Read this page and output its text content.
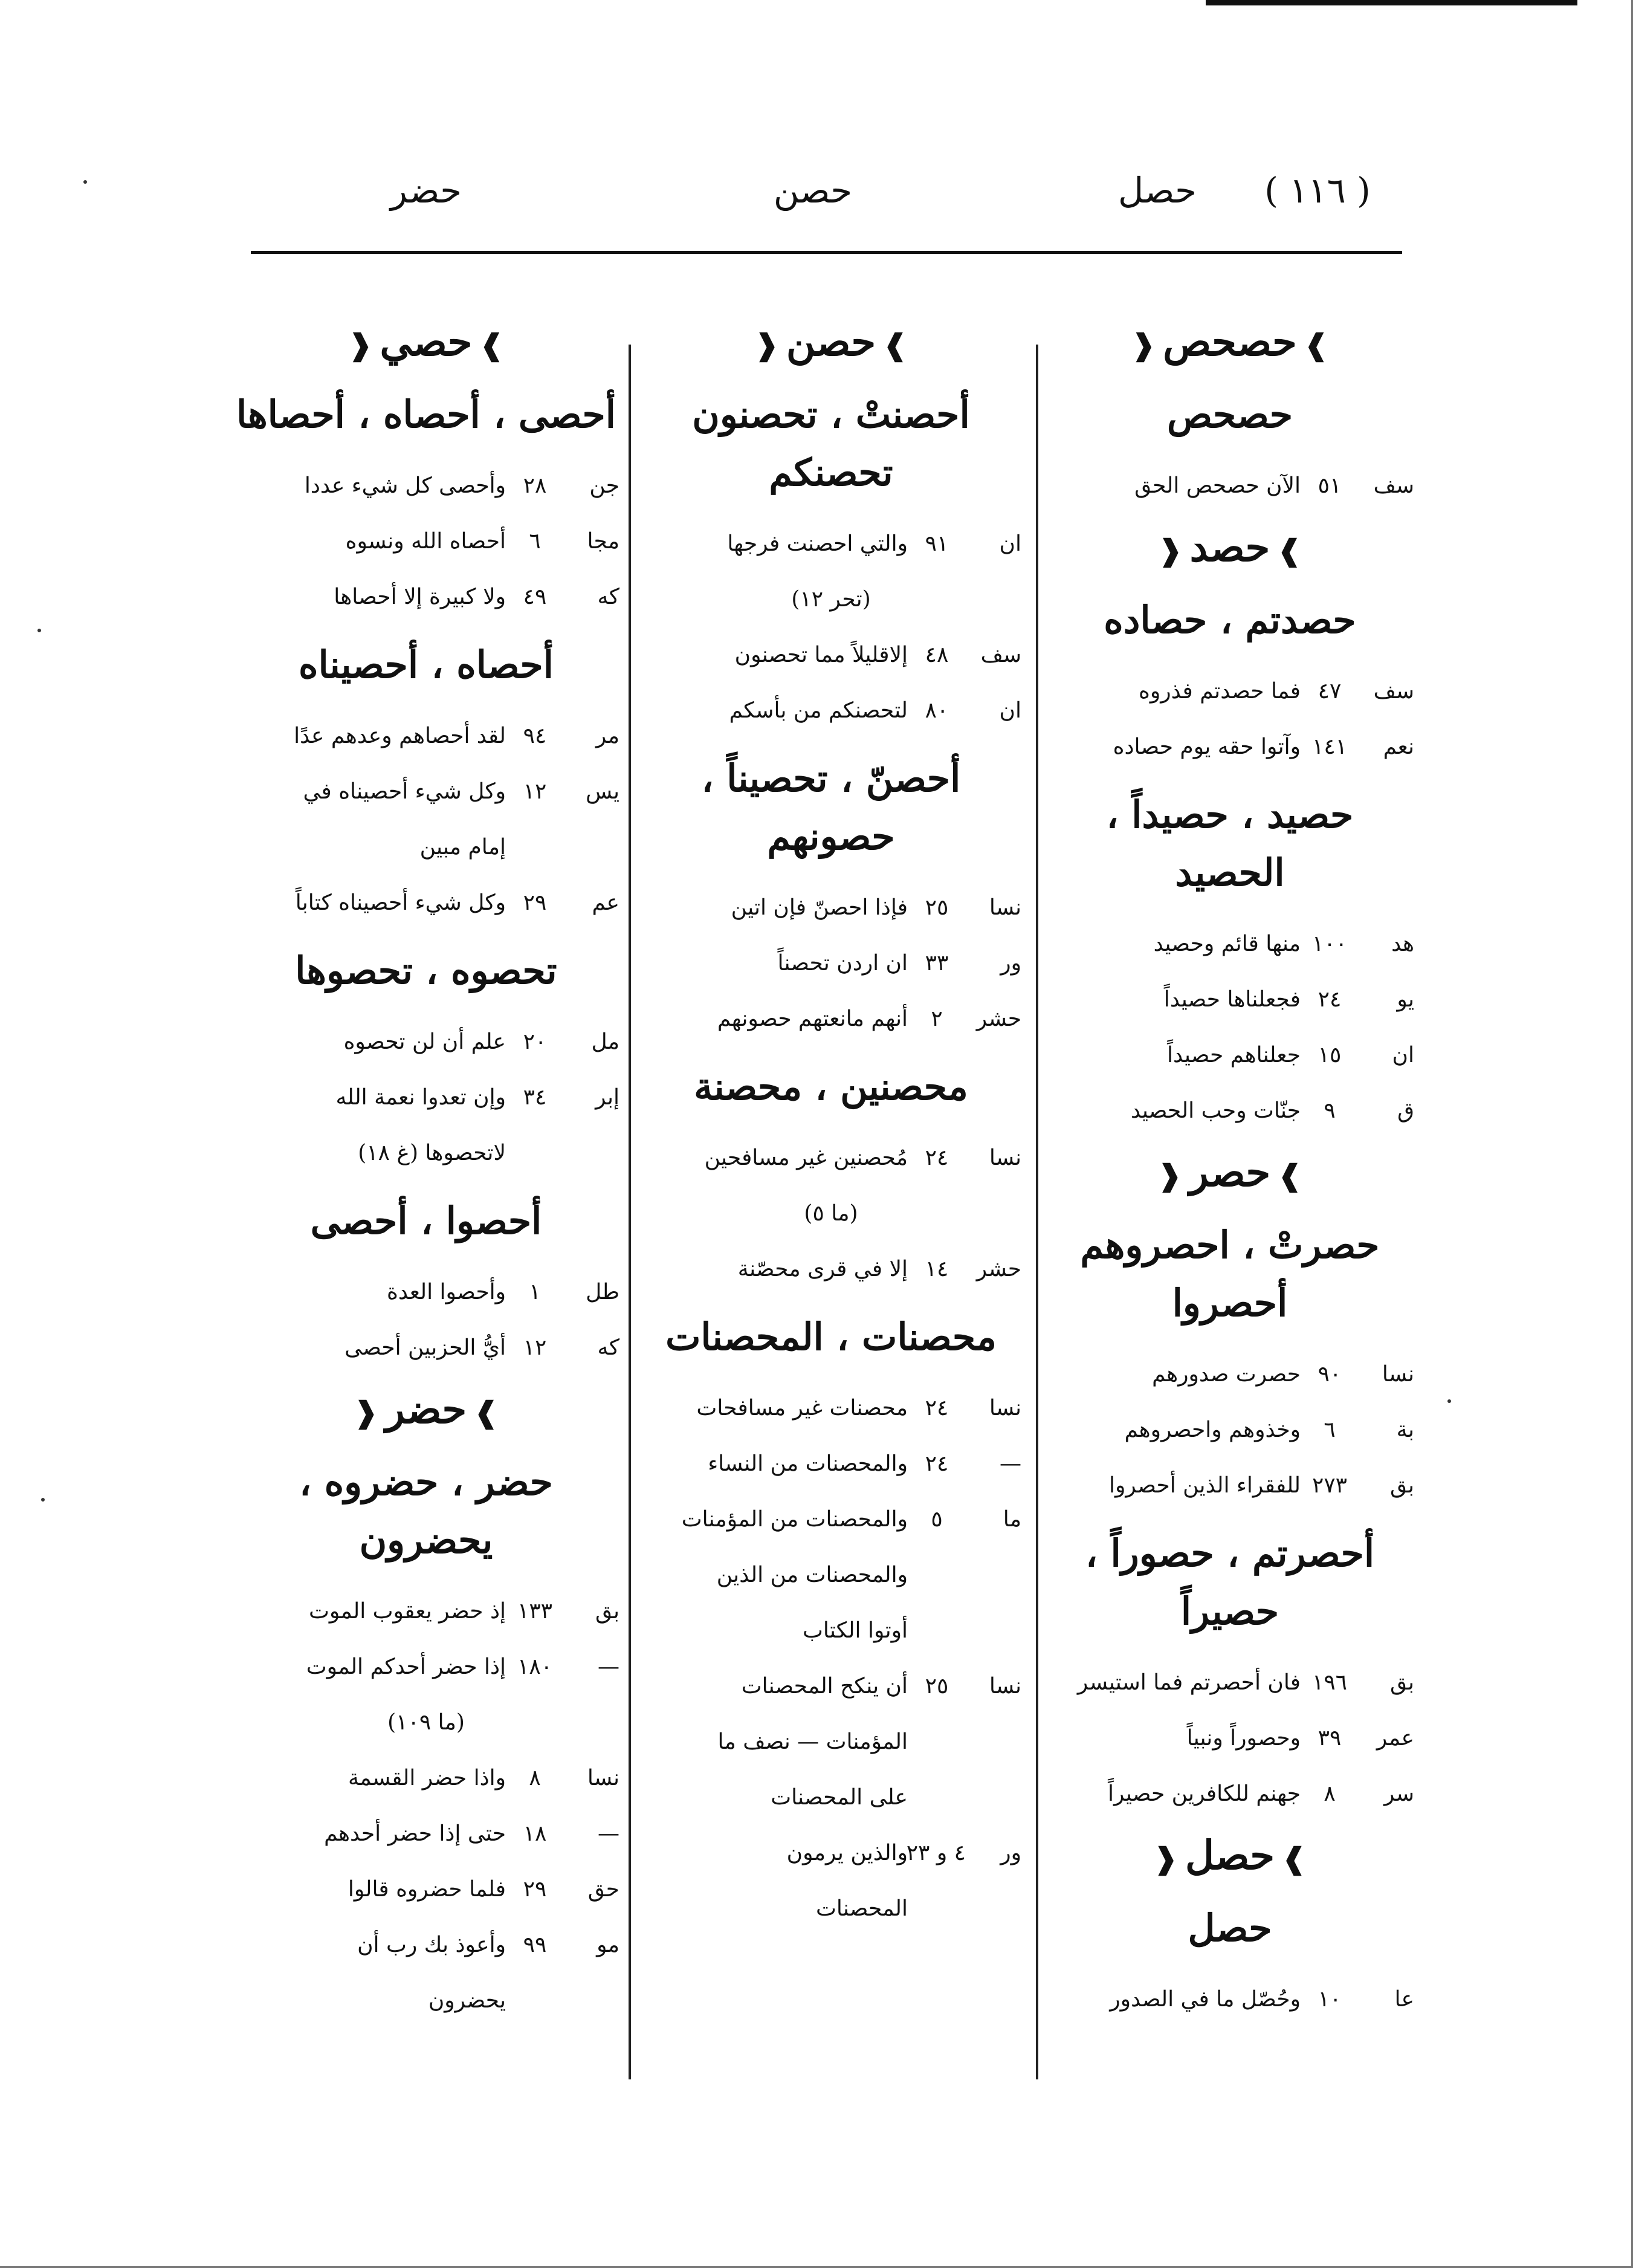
( ١١٦ )
حصل
حصن
حضر
❱حصحص❰
حصحص
سف
٥١
الآن حصحص الحق
❱حصد❰
حصدتم ، حصاده
سف
٤٧
فما حصدتم فذروه
نعم
١٤١
وآتوا حقه يوم حصاده
حصيد ، حصيداً ، الحصيد
هد
١٠٠
منها قائم وحصيد
يو
٢٤
فجعلناها حصيداً
ان
١٥
جعلناهم حصيداً
ق
٩
جنّات وحب الحصيد
❱حصر❰
حصرتْ ، احصروهم
أحصروا
نسا
٩٠
حصرت صدورهم
بة
٦
وخذوهم واحصروهم
بق
٢٧٣
للفقراء الذين أحصروا
أحصرتم ، حصوراً ، حصيراً
بق
١٩٦
فان أحصرتم فما استيسر
عمر
٣٩
وحصوراً ونبياً
سر
٨
جهنم للكافرين حصيراً
❱حصل❰
حصل
عا
١٠
وحُصّل ما في الصدور
❱حصن❰
أحصنتْ ، تحصنون
تحصنكم
ان
٩١
والتي احصنت فرجها
(تحر ١٢)
سف
٤٨
إلاقليلاً مما تحصنون
ان
٨٠
لتحصنكم من بأسكم
أحصنّ ، تحصيناً ، حصونهم
نسا
٢٥
فإذا احصنّ فإن اتين
ور
٣٣
ان اردن تحصناً
حشر
٢
أنهم مانعتهم حصونهم
محصنين ، محصنة
نسا
٢٤
مُحصنين غير مسافحين
(ما ٥)
حشر
١٤
إلا في قرى محصّنة
محصنات ، المحصنات
نسا
٢٤
محصنات غير مسافحات
—
٢٤
والمحصنات من النساء
ما
٥
والمحصنات من المؤمنات
والمحصنات من الذين
أوتوا الكتاب
نسا
٢٥
أن ينكح المحصنات
المؤمنات — نصف ما
على المحصنات
ور
٤ و ٢٣
والذين يرمون
المحصنات
❱حصي❰
أحصى ، أحصاه ، أحصاها
جن
٢٨
وأحصى كل شيء عددا
مجا
٦
أحصاه الله ونسوه
كه
٤٩
ولا كبيرة إلا أحصاها
أحصاه ، أحصيناه
مر
٩٤
لقد أحصاهم وعدهم عدًا
يس
١٢
وكل شيء أحصيناه في
إمام مبين
عم
٢٩
وكل شيء أحصيناه كتاباً
تحصوه ، تحصوها
مل
٢٠
علم أن لن تحصوه
إبر
٣٤
وإن تعدوا نعمة الله
لاتحصوها (غ ١٨)
أحصوا ، أحصى
طل
١
وأحصوا العدة
كه
١٢
أيُّ الحزبين أحصى
❱حضر❰
حضر ، حضروه ، يحضرون
بق
١٣٣
إذ حضر يعقوب الموت
—
١٨٠
إذا حضر أحدكم الموت
(ما ١٠٩)
نسا
٨
واذا حضر القسمة
—
١٨
حتى إذا حضر أحدهم
حق
٢٩
فلما حضروه قالوا
مو
٩٩
وأعوذ بك رب أن
يحضرون
